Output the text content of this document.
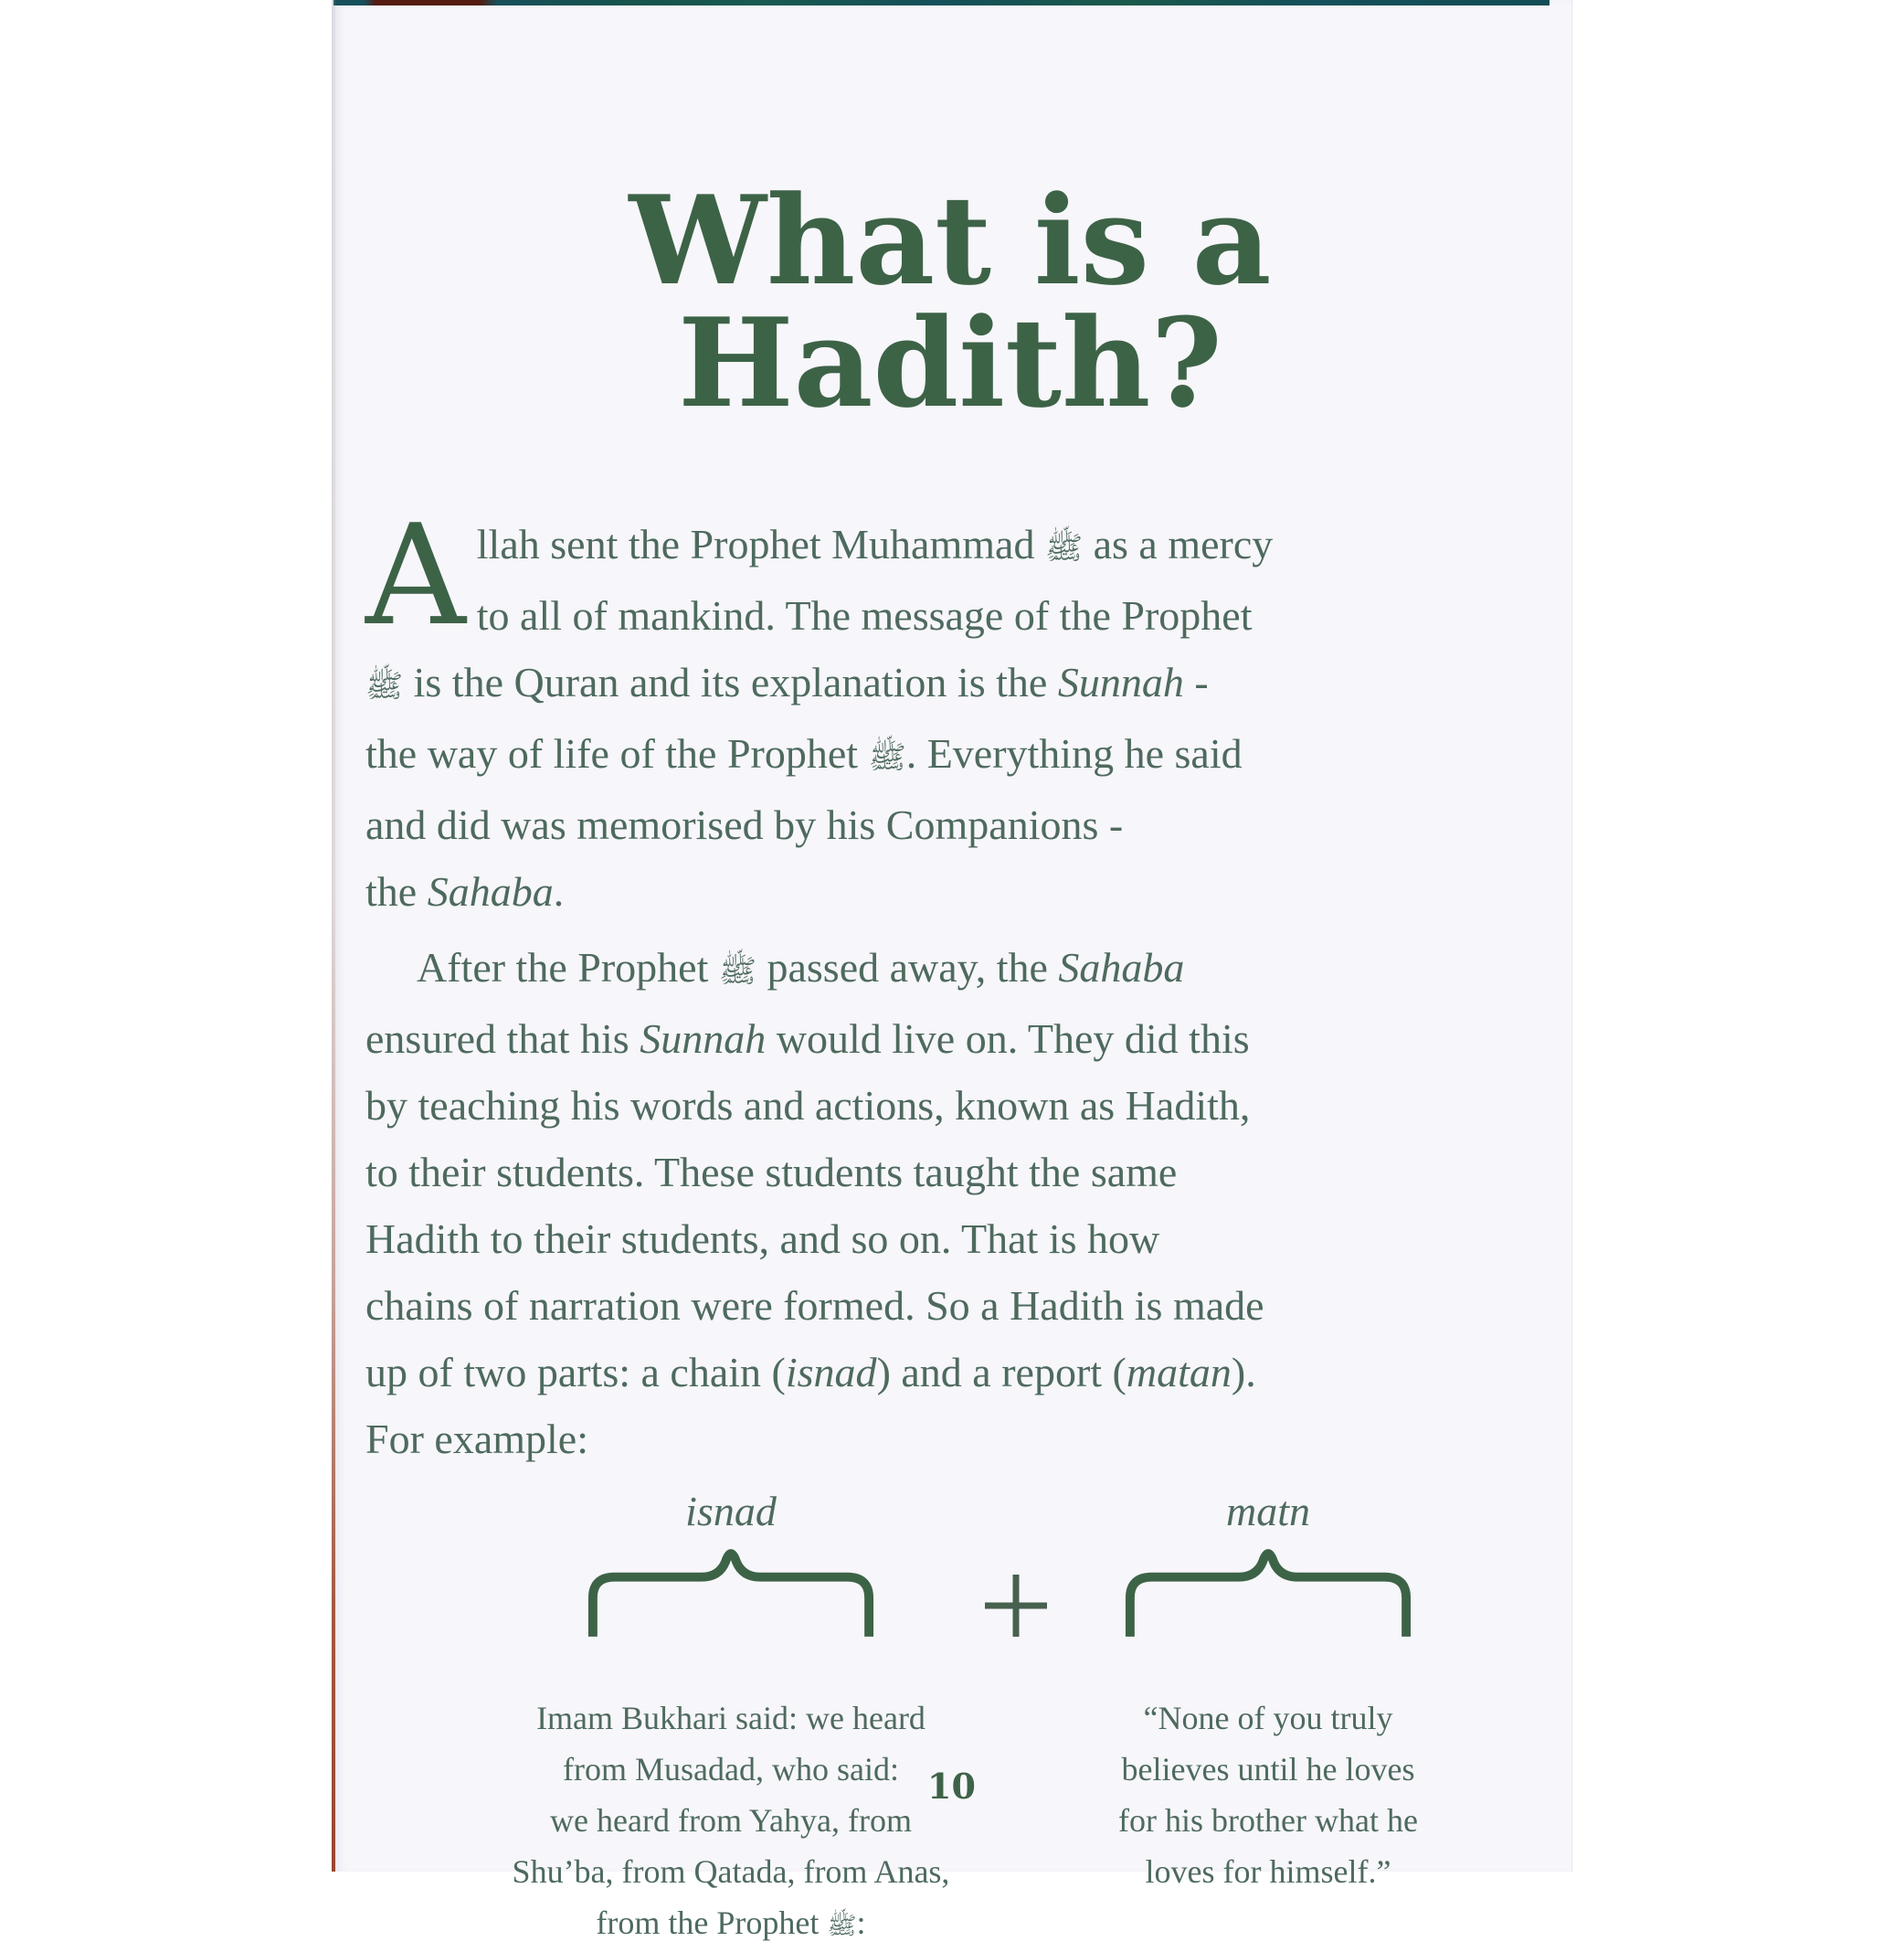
What is a Hadith?

Allah sent the Prophet Muhammad ﷺ as a mercy
to all of mankind. The message of the Prophet
ﷺ is the Quran and its explanation is the Sunnah -
the way of life of the Prophet ﷺ. Everything he said
and did was memorised by his Companions -
the Sahaba.

After the Prophet ﷺ passed away, the Sahaba
ensured that his Sunnah would live on. They did this
by teaching his words and actions, known as Hadith,
to their students. These students taught the same
Hadith to their students, and so on. That is how
chains of narration were formed. So a Hadith is made
up of two parts: a chain (isnad) and a report (matan).
For example:

isnad
Imam Bukhari said: we heard
from Musadad, who said:
we heard from Yahya, from
Shu’ba, from Qatada, from Anas,
from the Prophet ﷺ:
matn
“None of you truly
believes until he loves
for his brother what he
loves for himself.”
10
